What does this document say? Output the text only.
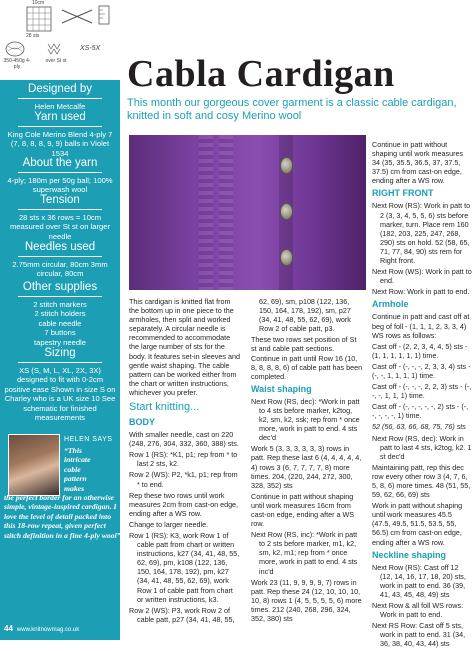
10cm
28 sts
350-450g 4-ply
over St st
XS-5X
Designed by
Helen Metcalfe
Yarn used
King Cole Merino Blend 4-ply 7 (7, 8, 8, 8, 9, 9) balls in Violet 1534
About the yarn
4-ply; 180m per 50g ball; 100% superwash wool
Tension
28 sts x 36 rows = 10cm measured over St st on larger needle
Needles used
2.75mm circular, 80cm 3mm circular, 80cm
Other supplies
2 stitch markers
2 stitch holders
cable needle
7 buttons
tapestry needle
Sizing
XS (S, M, L, XL, 2X, 3X) designed to fit with 0-2cm positive ease Shown in size S on Charley who is a UK size 10 See schematic for finished measurements
HELEN SAYS
“This
intricate
cable
pattern
makes
the perfect border for an otherwise simple, vintage-inspired cardigan. I love the level of detail packed into this 18-row repeat, given perfect stitch definition in a fine 4-ply wool”
44 www.knitnowmag.co.uk
Cabla Cardigan
This month our gorgeous cover garment is a classic cable cardigan, knitted in soft and cosy Merino wool

This cardigan is knitted flat from the bottom up in one piece to the armholes, then split and worked separately. A circular needle is recommended to accommodate the large number of sts for the body. It features set-in sleeves and gentle waist shaping. The cable pattern can be worked either from the chart or written instructions, whichever you prefer.

Start knitting...
BODY

With smaller needle, cast on 220 (248, 276, 304, 332, 360, 388) sts.

Row 1 (RS): *K1, p1; rep from * to last 2 sts, k2.

Row 2 (WS): P2, *k1, p1; rep from * to end.

Rep these two rows until work measures 2cm from cast-on edge, ending after a WS row.

Change to larger needle.

Row 1 (RS): K3, work Row 1 of cable patt from chart or written instructions, k27 (34, 41, 48, 55, 62, 69), pm, k108 (122, 136, 150, 164, 178, 192), pm, k27 (34, 41, 48, 55, 62, 69), work Row 1 of cable patt from chart or written instructions, k3.

Row 2 (WS): P3, work Row 2 of cable patt, p27 (34, 41, 48, 55,

62, 69), sm, p108 (122, 136, 150, 164, 178, 192), sm, p27 (34, 41, 48, 55, 62, 69), work Row 2 of cable patt, p3.

These two rows set position of St st and cable patt sections. Continue in patt until Row 16 (10, 8, 8, 8, 8, 6) of cable patt has been completed.

Waist shaping

Next Row (RS, dec): *Work in patt to 4 sts before marker, k2tog, k2, sm, k2, ssk; rep from * once more, work in patt to end. 4 sts dec'd

Work 5 (3, 3, 3, 3, 3, 3) rows in patt. Rep these last 6 (4, 4, 4, 4, 4, 4) rows 3 (6, 7, 7, 7, 7, 8) more times. 204, (220, 244, 272, 300, 328, 352) sts

Continue in patt without shaping until work measures 16cm from cast-on edge, ending after a WS row.

Next Row (RS, inc): *Work in patt to 2 sts before marker, m1, k2, sm, k2, m1; rep from * once more, work in patt to end. 4 sts inc'd

Work 23 (11, 9, 9, 9, 9, 7) rows in patt. Rep these 24 (12, 10, 10, 10, 10, 8) rows 1 (4, 5, 5, 5, 5, 6) more times. 212 (240, 268, 296, 324, 352, 380) sts

Continue in patt without shaping until work measures 34 (35, 35.5, 36.5, 37, 37.5, 37.5) cm from cast-on edge, ending after a WS row.

RIGHT FRONT

Next Row (RS): Work in patt to 2 (3, 3, 4, 5, 5, 6) sts before marker, turn. Place rem 160 (182, 203, 225, 247, 268, 290) sts on hold. 52 (58, 65, 71, 77, 84, 90) sts rem for Right front.

Next Row (WS): Work in patt to end.

Next Row: Work in patt to end.

Armhole

Continue in patt and cast off at beg of foll - (1, 1, 1, 2, 3, 3, 4) WS rows as follows:

Cast off - (2, 2, 3, 4, 4, 5) sts - (1, 1, 1, 1, 1, 1) time.

Cast off - (-, -, -, 2, 3, 3, 4) sts - (-, -, 1, 1, 1, 1) time.

Cast off - (-, -, -, 2, 2, 3) sts - (-, -, -, 1, 1, 1) time.

Cast off - (-, -, -, -, -, 2) sts - (-, -, -, -, -, 1) time.

52 (56, 63, 66, 68, 75, 76) sts

Next Row (RS, dec): Work in patt to last 4 sts, k2tog, k2. 1 st dec'd

Maintaining patt, rep this dec row every other row 3 (4, 7, 6, 5, 8, 6) more times. 48 (51, 55, 59, 62, 66, 69) sts

Work in patt without shaping until work measures 45.5 (47.5, 49.5, 51.5, 53.5, 55, 56.5) cm from cast-on edge, ending after a WS row.

Neckline shaping

Next Row (RS): Cast off 12 (12, 14, 16, 17, 18, 20) sts, work in patt to end. 36 (39, 41, 43, 45, 48, 49) sts

Next Row & all foll WS rows: Work in patt to end.

Next RS Row: Cast off 5 sts, work in patt to end. 31 (34, 36, 38, 40, 43, 44) sts
